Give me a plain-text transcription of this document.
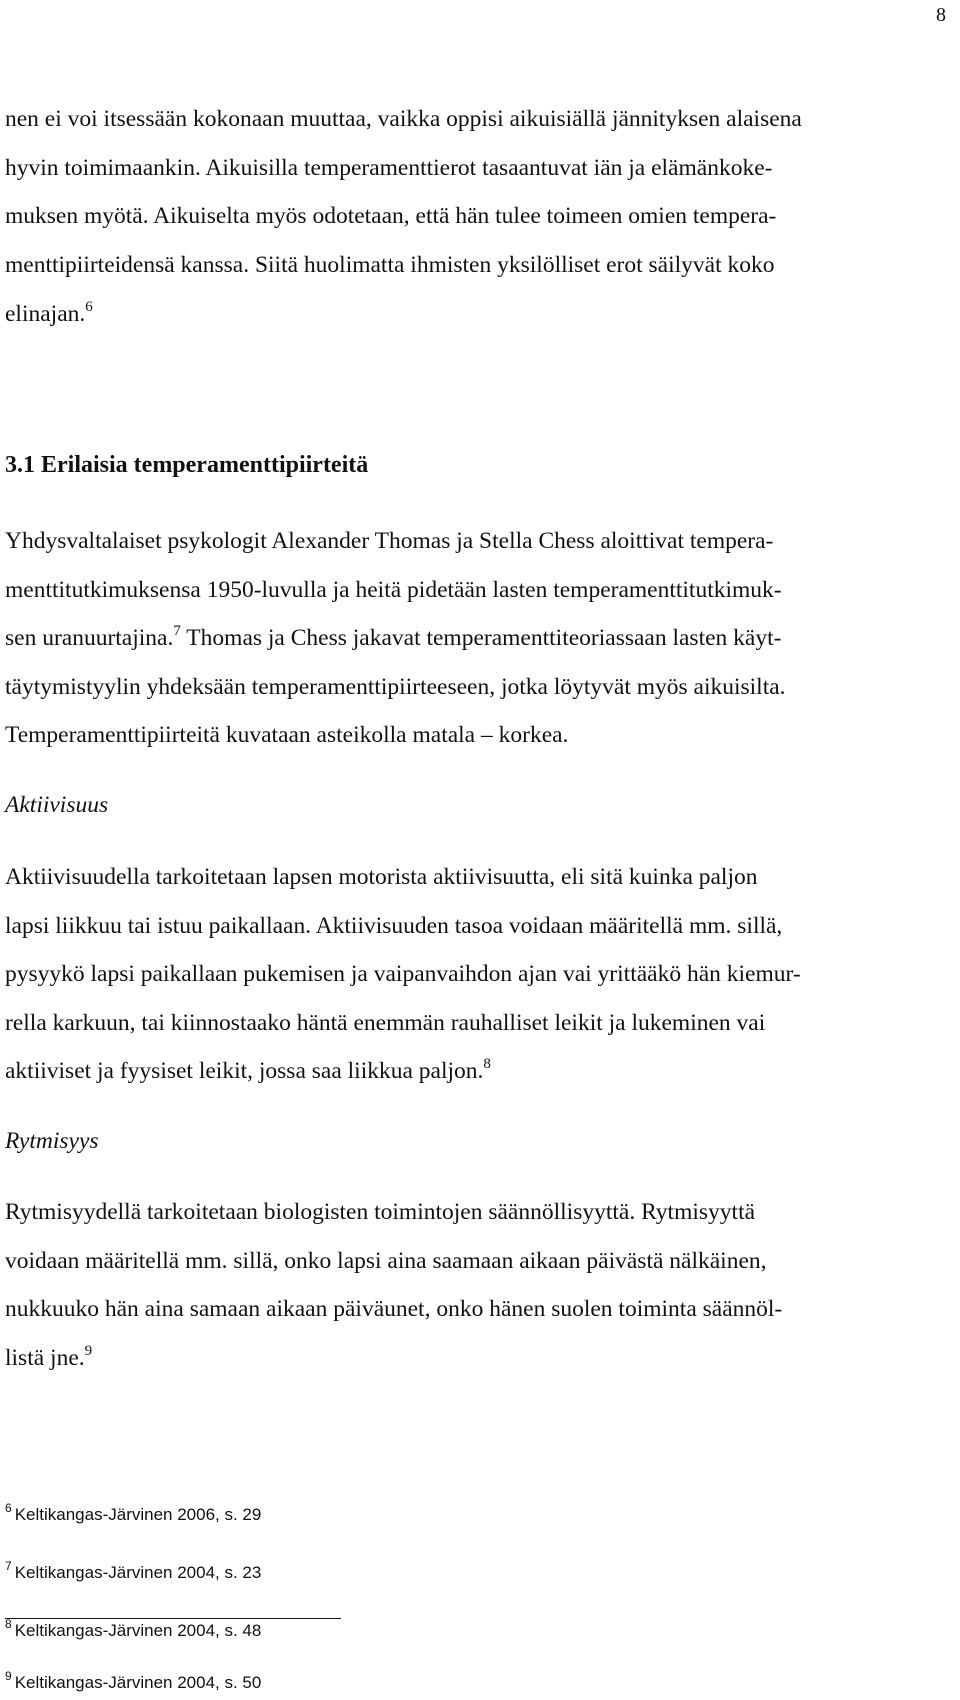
8
nen ei voi itsessään kokonaan muuttaa, vaikka oppisi aikuisiällä jännityksen alaisena
hyvin toimimaankin. Aikuisilla temperamenttierot tasaantuvat iän ja elämänkoke-
muksen myötä. Aikuiselta myös odotetaan, että hän tulee toimeen omien tempera-
menttipiirteidensä kanssa. Siitä huolimatta ihmisten yksilölliset erot säilyvät koko
elinajan.$^6$
3.1 Erilaisia temperamenttipiirteitä
Yhdysvaltalaiset psykologit Alexander Thomas ja Stella Chess aloittivat tempera-
menttitutkimuksensa 1950-luvulla ja heitä pidetään lasten temperamenttitutkimuk-
sen uranuurtajina.$^7$ Thomas ja Chess jakavat temperamenttiteoriassaan lasten käyt-
täytymistyylin yhdeksään temperamenttipiirteeseen, jotka löytyvät myös aikuisilta.
Temperamenttipiirteitä kuvataan asteikolla matala – korkea.
Aktiivisuus
Aktiivisuudella tarkoitetaan lapsen motorista aktiivisuutta, eli sitä kuinka paljon
lapsi liikkuu tai istuu paikallaan. Aktiivisuuden tasoa voidaan määritellä mm. sillä,
pysyykö lapsi paikallaan pukemisen ja vaipanvaihdon ajan vai yrittääkö hän kiemur-
rella karkuun, tai kiinnostaako häntä enemmän rauhalliset leikit ja lukeminen vai
aktiiviset ja fyysiset leikit, jossa saa liikkua paljon.$^8$
Rytmisyys
Rytmisyydellä tarkoitetaan biologisten toimintojen säännöllisyyttä. Rytmisyyttä
voidaan määritellä mm. sillä, onko lapsi aina saamaan aikaan päivästä nälkäinen,
nukkuuko hän aina samaan aikaan päiväunet, onko hänen suolen toiminta säännöl-
listä jne.$^9$
$^6$ Keltikangas-Järvinen 2006, s. 29
$^7$ Keltikangas-Järvinen 2004, s. 23
$^8$ Keltikangas-Järvinen 2004, s. 48
$^9$ Keltikangas-Järvinen 2004, s. 50
